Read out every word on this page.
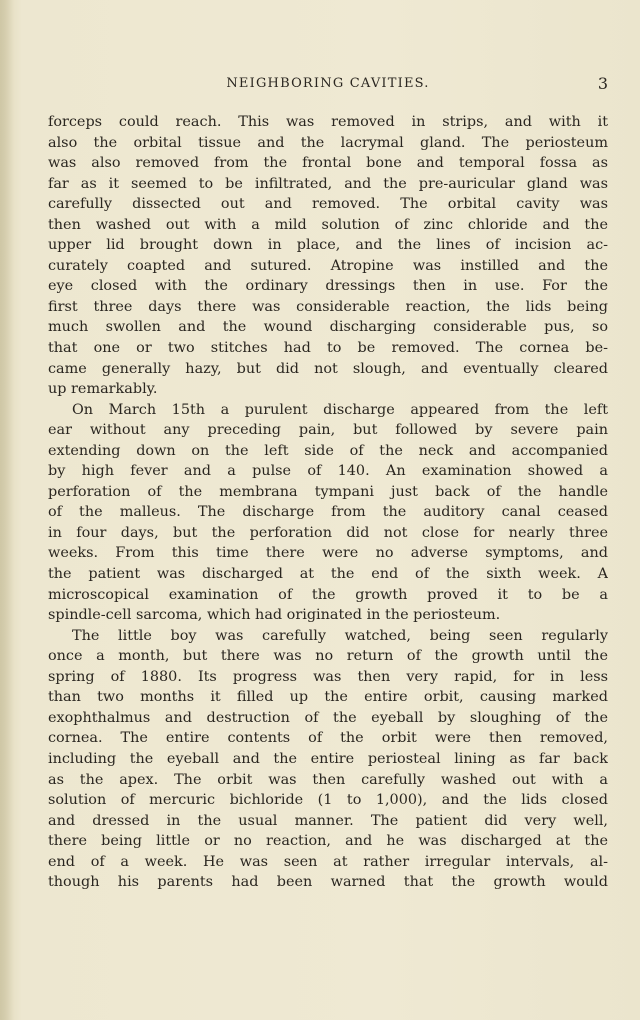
NEIGHBORING CAVITIES.	3
forceps could reach. This was removed in strips, and with it
also the orbital tissue and the lacrymal gland. The periosteum
was also removed from the frontal bone and temporal fossa as
far as it seemed to be infiltrated, and the pre-auricular gland was
carefully dissected out and removed. The orbital cavity was
then washed out with a mild solution of zinc chloride and the
upper lid brought down in place, and the lines of incision ac-
curately coapted and sutured. Atropine was instilled and the
eye closed with the ordinary dressings then in use. For the
first three days there was considerable reaction, the lids being
much swollen and the wound discharging considerable pus, so
that one or two stitches had to be removed. The cornea be-
came generally hazy, but did not slough, and eventually cleared
up remarkably.
On March 15th a purulent discharge appeared from the left
ear without any preceding pain, but followed by severe pain
extending down on the left side of the neck and accompanied
by high fever and a pulse of 140. An examination showed a
perforation of the membrana tympani just back of the handle
of the malleus. The discharge from the auditory canal ceased
in four days, but the perforation did not close for nearly three
weeks. From this time there were no adverse symptoms, and
the patient was discharged at the end of the sixth week. A
microscopical examination of the growth proved it to be a
spindle-cell sarcoma, which had originated in the periosteum.
The little boy was carefully watched, being seen regularly
once a month, but there was no return of the growth until the
spring of 1880. Its progress was then very rapid, for in less
than two months it filled up the entire orbit, causing marked
exophthalmus and destruction of the eyeball by sloughing of the
cornea. The entire contents of the orbit were then removed,
including the eyeball and the entire periosteal lining as far back
as the apex. The orbit was then carefully washed out with a
solution of mercuric bichloride (1 to 1,000), and the lids closed
and dressed in the usual manner. The patient did very well,
there being little or no reaction, and he was discharged at the
end of a week. He was seen at rather irregular intervals, al-
though his parents had been warned that the growth would
